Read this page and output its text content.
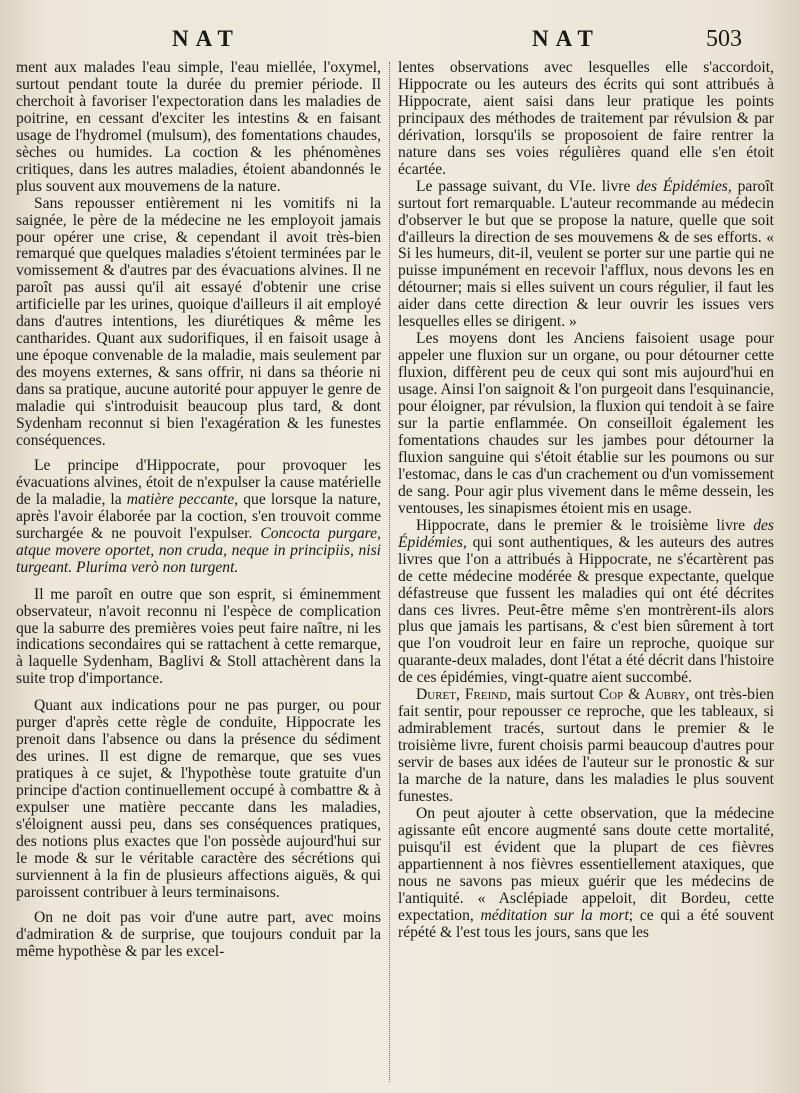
NAT	NAT	503

ment aux malades l'eau simple, l'eau miellée, l'oxymel, surtout pendant toute la durée du premier période. Il cherchoit à favoriser l'expectoration dans les maladies de poitrine, en cessant d'exciter les intestins & en faisant usage de l'hydromel (mulsum), des fomentations chaudes, sèches ou humides. La coction & les phénomènes critiques, dans les autres maladies, étoient abandonnés le plus souvent aux mouvemens de la nature.

Sans repousser entièrement ni les vomitifs ni la saignée, le père de la médecine ne les employoit jamais pour opérer une crise, & cependant il avoit très-bien remarqué que quelques maladies s'étoient terminées par le vomissement & d'autres par des évacuations alvines. Il ne paroît pas aussi qu'il ait essayé d'obtenir une crise artificielle par les urines, quoique d'ailleurs il ait employé dans d'autres intentions, les diurétiques & même les cantharides. Quant aux sudorifiques, il en faisoit usage à une époque convenable de la maladie, mais seulement par des moyens externes, & sans offrir, ni dans sa théorie ni dans sa pratique, aucune autorité pour appuyer le genre de maladie qui s'introduisit beaucoup plus tard, & dont Sydenham reconnut si bien l'exagération & les funestes conséquences.

Le principe d'Hippocrate, pour provoquer les évacuations alvines, étoit de n'expulser la cause matérielle de la maladie, la matière peccante, que lorsque la nature, après l'avoir élaborée par la coction, s'en trouvoit comme surchargée & ne pouvoit l'expulser. Concocta purgare, atque movere oportet, non cruda, neque in principiis, nisi turgeant. Plurima verò non turgent.

Il me paroît en outre que son esprit, si éminemment observateur, n'avoit reconnu ni l'espèce de complication que la saburre des premières voies peut faire naître, ni les indications secondaires qui se rattachent à cette remarque, à laquelle Sydenham, Baglivi & Stoll attachèrent dans la suite trop d'importance.

Quant aux indications pour ne pas purger, ou pour purger d'après cette règle de conduite, Hippocrate les prenoit dans l'absence ou dans la présence du sédiment des urines. Il est digne de remarque, que ses vues pratiques à ce sujet, & l'hypothèse toute gratuite d'un principe d'action continuellement occupé à combattre & à expulser une matière peccante dans les maladies, s'éloignent aussi peu, dans ses conséquences pratiques, des notions plus exactes que l'on possède aujourd'hui sur le mode & sur le véritable caractère des sécrétions qui surviennent à la fin de plusieurs affections aiguës, & qui paroissent contribuer à leurs terminaisons.

On ne doit pas voir d'une autre part, avec moins d'admiration & de surprise, que toujours conduit par la même hypothèse & par les excel-

lentes observations avec lesquelles elle s'accordoit, Hippocrate ou les auteurs des écrits qui sont attribués à Hippocrate, aient saisi dans leur pratique les points principaux des méthodes de traitement par révulsion & par dérivation, lorsqu'ils se proposoient de faire rentrer la nature dans ses voies régulières quand elle s'en étoit écartée.

Le passage suivant, du VIe. livre des Épidémies, paroît surtout fort remarquable. L'auteur recommande au médecin d'observer le but que se propose la nature, quelle que soit d'ailleurs la direction de ses mouvemens & de ses efforts. « Si les humeurs, dit-il, veulent se porter sur une partie qui ne puisse impunément en recevoir l'afflux, nous devons les en détourner; mais si elles suivent un cours régulier, il faut les aider dans cette direction & leur ouvrir les issues vers lesquelles elles se dirigent. »

Les moyens dont les Anciens faisoient usage pour appeler une fluxion sur un organe, ou pour détourner cette fluxion, diffèrent peu de ceux qui sont mis aujourd'hui en usage. Ainsi l'on saignoit & l'on purgeoit dans l'esquinancie, pour éloigner, par révulsion, la fluxion qui tendoit à se faire sur la partie enflammée. On conseilloit également les fomentations chaudes sur les jambes pour détourner la fluxion sanguine qui s'étoit établie sur les poumons ou sur l'estomac, dans le cas d'un crachement ou d'un vomissement de sang. Pour agir plus vivement dans le même dessein, les ventouses, les sinapismes étoient mis en usage.

Hippocrate, dans le premier & le troisième livre des Épidémies, qui sont authentiques, & les auteurs des autres livres que l'on a attribués à Hippocrate, ne s'écartèrent pas de cette médecine modérée & presque expectante, quelque défastreuse que fussent les maladies qui ont été décrites dans ces livres. Peut-être même s'en montrèrent-ils alors plus que jamais les partisans, & c'est bien sûrement à tort que l'on voudroit leur en faire un reproche, quoique sur quarante-deux malades, dont l'état a été décrit dans l'histoire de ces épidémies, vingt-quatre aient succombé.

Duret, Freind, mais surtout Cop & Aubry, ont très-bien fait sentir, pour repousser ce reproche, que les tableaux, si admirablement tracés, surtout dans le premier & le troisième livre, furent choisis parmi beaucoup d'autres pour servir de bases aux idées de l'auteur sur le pronostic & sur la marche de la nature, dans les maladies le plus souvent funestes.

On peut ajouter à cette observation, que la médecine agissante eût encore augmenté sans doute cette mortalité, puisqu'il est évident que la plupart de ces fièvres appartiennent à nos fièvres essentiellement ataxiques, que nous ne savons pas mieux guérir que les médecins de l'antiquité. « Asclépiade appeloit, dit Bordeu, cette expectation, méditation sur la mort; ce qui a été souvent répété & l'est tous les jours, sans que les
